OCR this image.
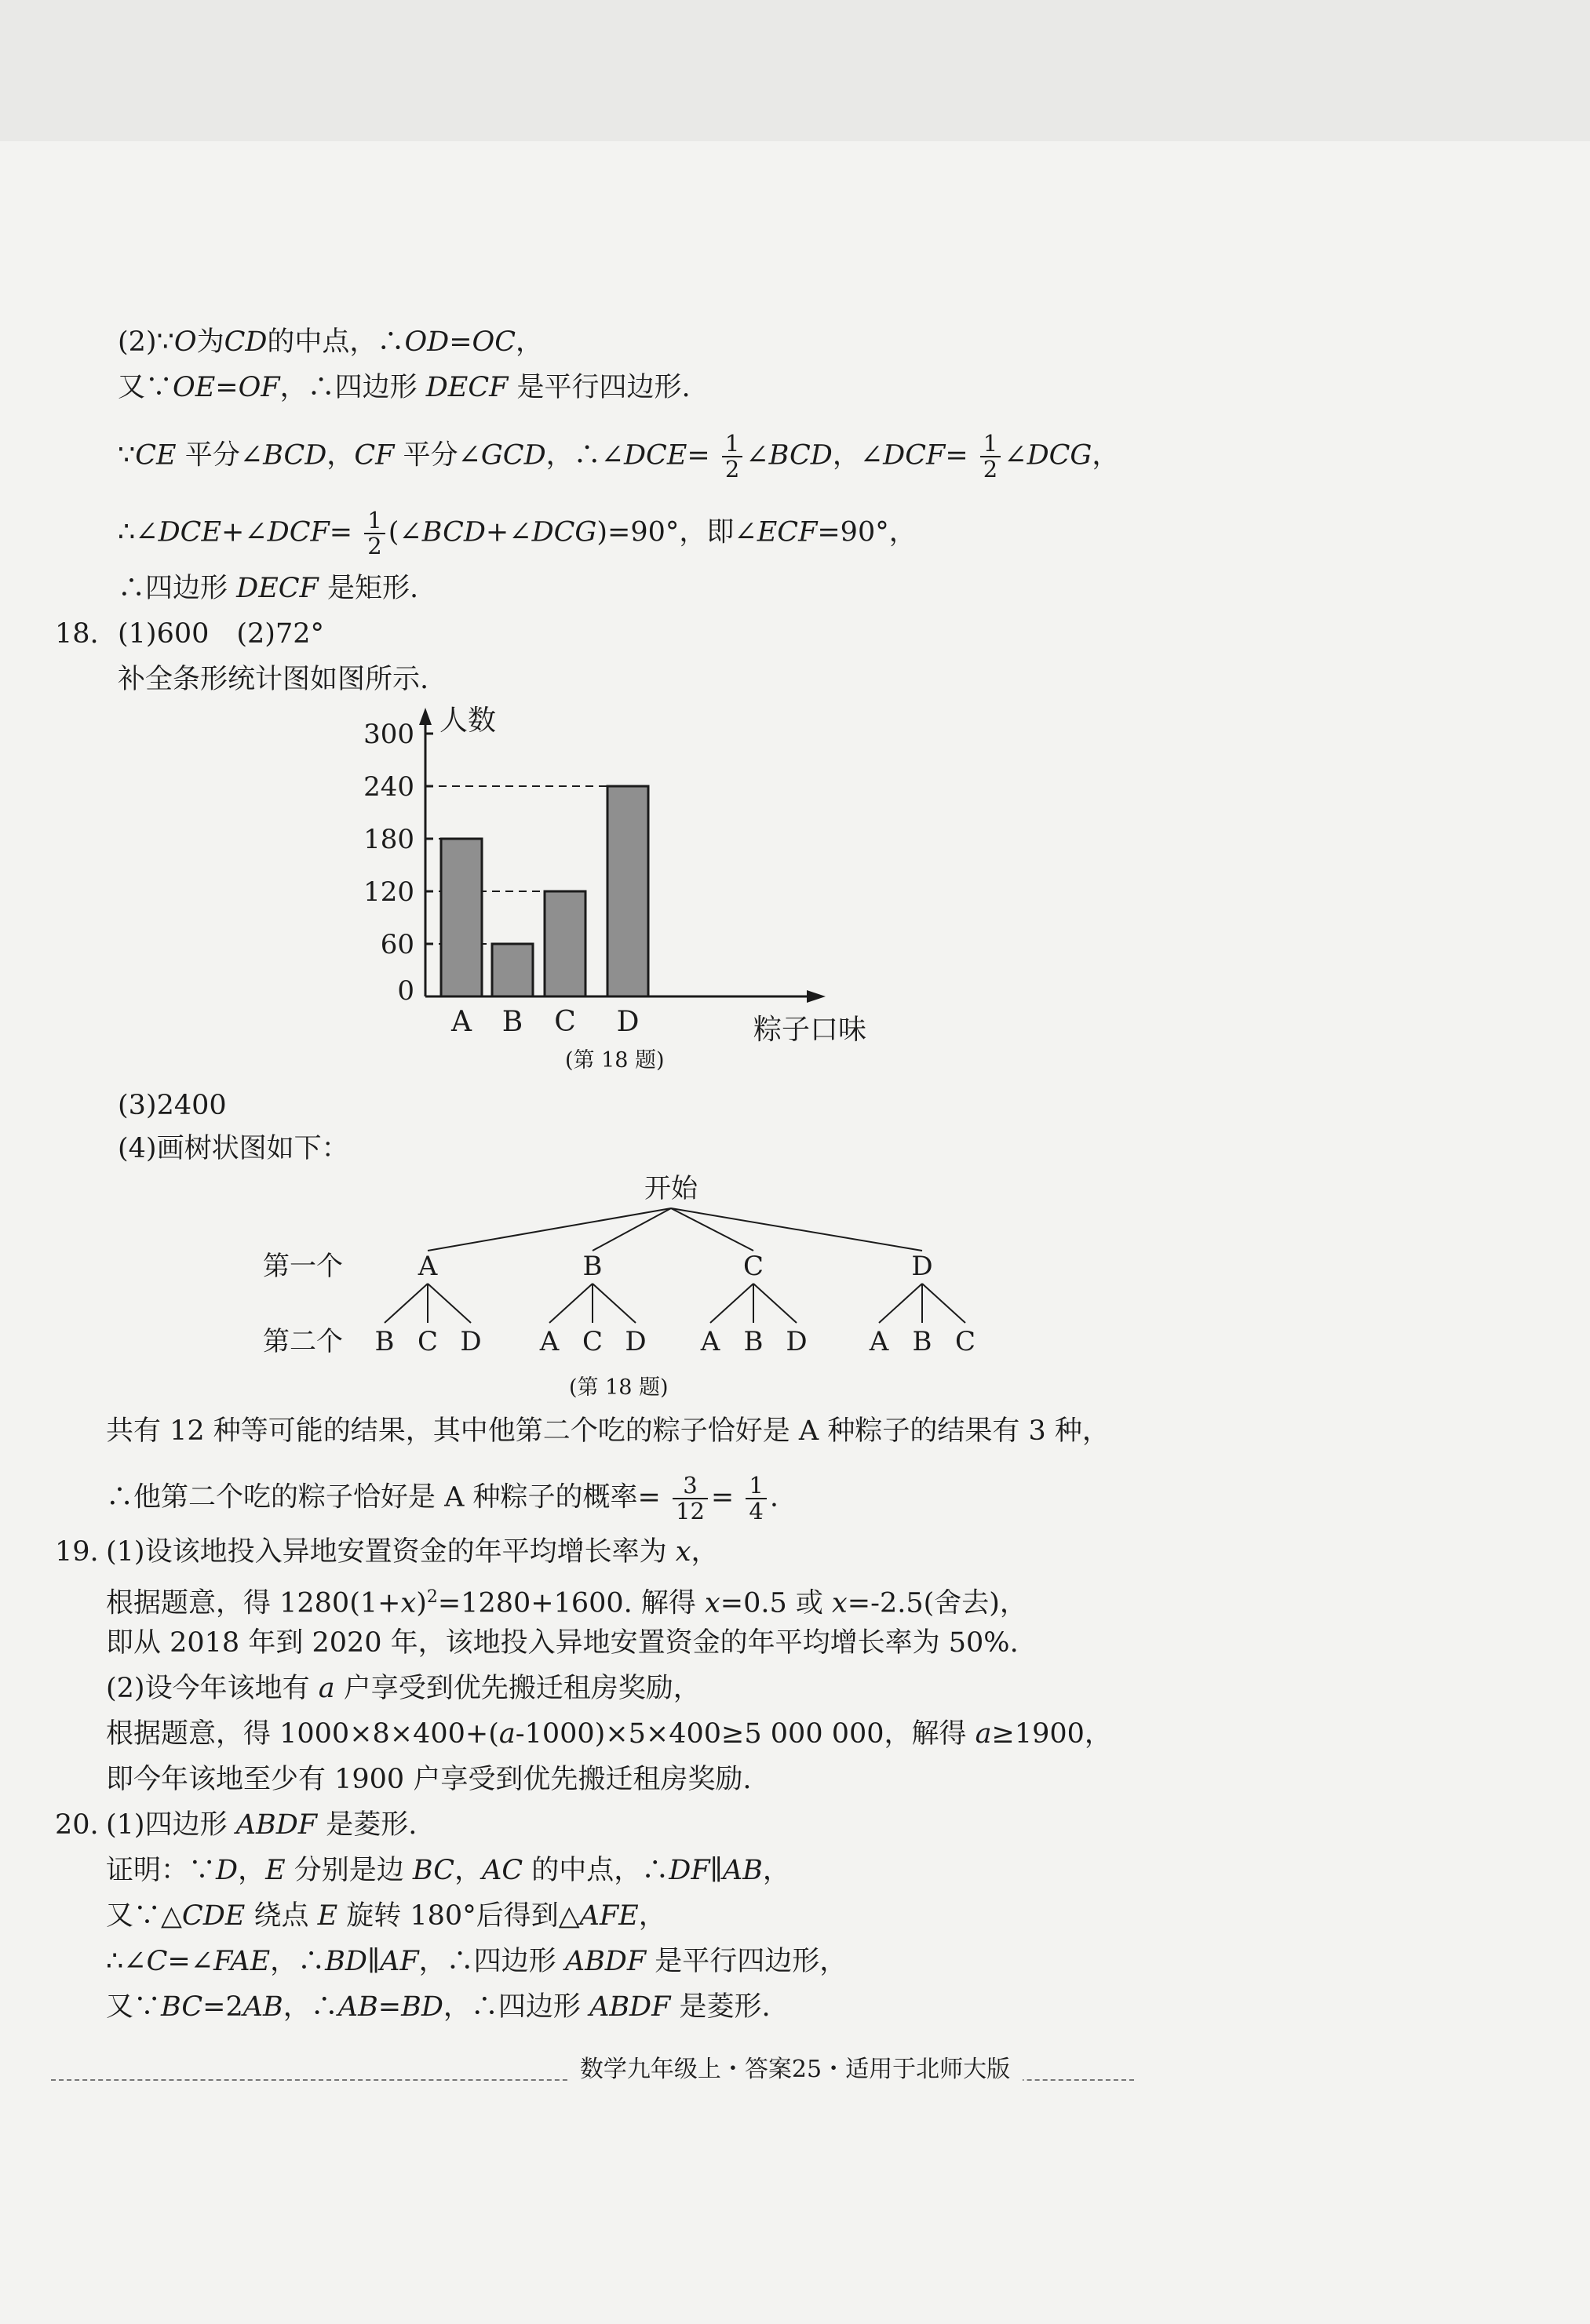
(2)∵O为CD的中点，∴OD=OC，
又∵OE=OF，∴四边形 DECF 是平行四边形.
∵CE 平分∠BCD，CF 平分∠GCD，∴∠DCE= $\frac{1}{2}$ ∠BCD，∠DCF= $\frac{1}{2}$ ∠DCG，
∴∠DCE+∠DCF= $\frac{1}{2}$ (∠BCD+∠DCG)=90°，即∠ECF=90°，
∴四边形 DECF 是矩形.
18. (1)600　(2)72°
补全条形统计图如图所示.
人数
粽子口味
0
60
120
180
240
300
A B C D
(第 18 题)
(3)2400
(4)画树状图如下：
开始
第一个
第二个
A	B	C	D
B C D A C D A B D A B C
(第 18 题)
共有 12 种等可能的结果，其中他第二个吃的粽子恰好是 A 种粽子的结果有 3 种，
∴他第二个吃的粽子恰好是 A 种粽子的概率= $\frac{3}{12} = \frac{1}{4}$ .
19. (1)设该地投入异地安置资金的年平均增长率为 x，
根据题意，得 $1280(1+x)^2=1280+1600$. 解得 x=0.5 或 x=-2.5(舍去)，
即从 2018 年到 2020 年，该地投入异地安置资金的年平均增长率为 50%.
(2)设今年该地有 a 户享受到优先搬迁租房奖励，
根据题意，得 1000×8×400+(a-1000)×5×400≥5 000 000，解得 a≥1900，
即今年该地至少有 1900 户享受到优先搬迁租房奖励.
20. (1)四边形 ABDF 是菱形.
证明：∵D，E 分别是边 BC，AC 的中点，∴DF∥AB，
又∵△CDE 绕点 E 旋转 180°后得到△AFE，
∴∠C=∠FAE，∴BD∥AF，∴四边形 ABDF 是平行四边形，
又∵BC=2AB，∴AB=BD，∴四边形 ABDF 是菱形.
数学九年级上・答案25・适用于北师大版
